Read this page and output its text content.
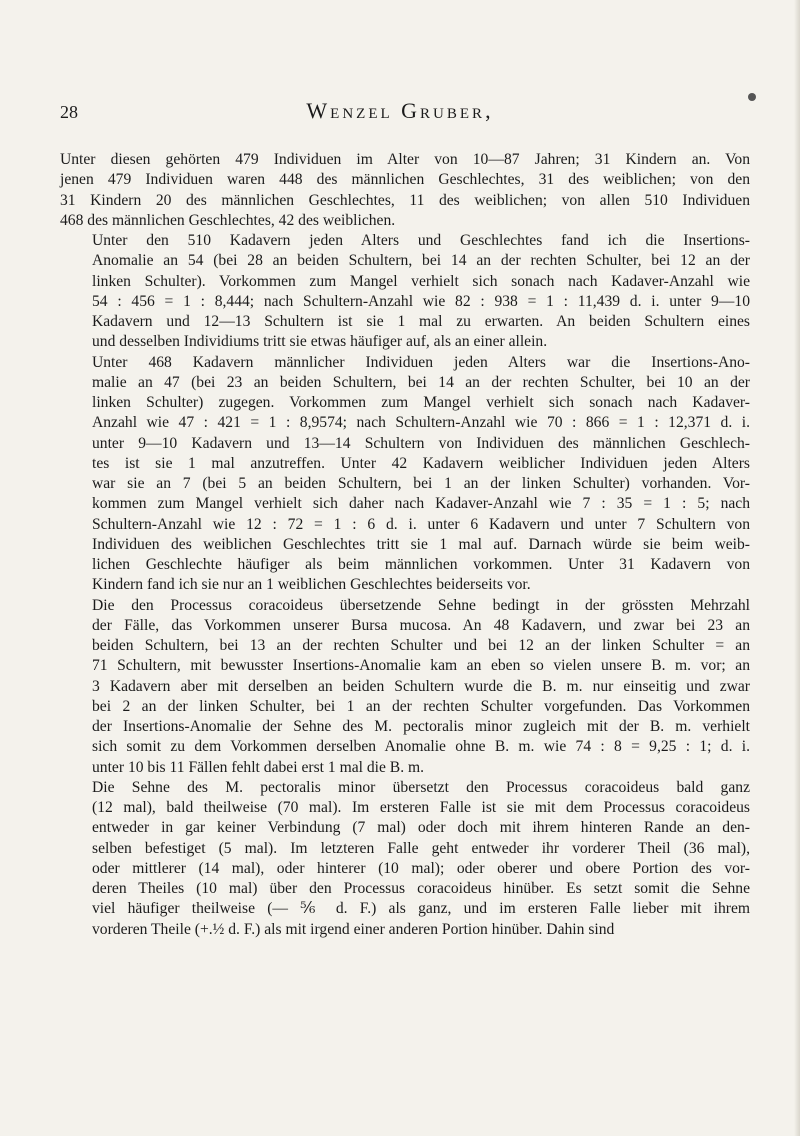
28	Wenzel Gruber,

Unter diesen gehörten 479 Individuen im Alter von 10—87 Jahren; 31 Kindern an. Von
jenen 479 Individuen waren 448 des männlichen Geschlechtes, 31 des weiblichen; von den
31 Kindern 20 des männlichen Geschlechtes, 11 des weiblichen; von allen 510 Individuen
468 des männlichen Geschlechtes, 42 des weiblichen.

Unter den 510 Kadavern jeden Alters und Geschlechtes fand ich die Insertions-
Anomalie an 54 (bei 28 an beiden Schultern, bei 14 an der rechten Schulter, bei 12 an der
linken Schulter). Vorkommen zum Mangel verhielt sich sonach nach Kadaver-Anzahl wie
54 : 456 = 1 : 8,444; nach Schultern-Anzahl wie 82 : 938 = 1 : 11,439 d. i. unter 9—10
Kadavern und 12—13 Schultern ist sie 1 mal zu erwarten. An beiden Schultern eines
und desselben Individiums tritt sie etwas häufiger auf, als an einer allein.

Unter 468 Kadavern männlicher Individuen jeden Alters war die Insertions-Ano-
malie an 47 (bei 23 an beiden Schultern, bei 14 an der rechten Schulter, bei 10 an der
linken Schulter) zugegen. Vorkommen zum Mangel verhielt sich sonach nach Kadaver-
Anzahl wie 47 : 421 = 1 : 8,9574; nach Schultern-Anzahl wie 70 : 866 = 1 : 12,371 d. i.
unter 9—10 Kadavern und 13—14 Schultern von Individuen des männlichen Geschlech-
tes ist sie 1 mal anzutreffen. Unter 42 Kadavern weiblicher Individuen jeden Alters
war sie an 7 (bei 5 an beiden Schultern, bei 1 an der linken Schulter) vorhanden. Vor-
kommen zum Mangel verhielt sich daher nach Kadaver-Anzahl wie 7 : 35 = 1 : 5; nach
Schultern-Anzahl wie 12 : 72 = 1 : 6 d. i. unter 6 Kadavern und unter 7 Schultern von
Individuen des weiblichen Geschlechtes tritt sie 1 mal auf. Darnach würde sie beim weib-
lichen Geschlechte häufiger als beim männlichen vorkommen. Unter 31 Kadavern von
Kindern fand ich sie nur an 1 weiblichen Geschlechtes beiderseits vor.

Die den Processus coracoideus übersetzende Sehne bedingt in der grössten Mehrzahl
der Fälle, das Vorkommen unserer Bursa mucosa. An 48 Kadavern, und zwar bei 23 an
beiden Schultern, bei 13 an der rechten Schulter und bei 12 an der linken Schulter = an
71 Schultern, mit bewusster Insertions-Anomalie kam an eben so vielen unsere B. m. vor; an
3 Kadavern aber mit derselben an beiden Schultern wurde die B. m. nur einseitig und zwar
bei 2 an der linken Schulter, bei 1 an der rechten Schulter vorgefunden. Das Vorkommen
der Insertions-Anomalie der Sehne des M. pectoralis minor zugleich mit der B. m. verhielt
sich somit zu dem Vorkommen derselben Anomalie ohne B. m. wie 74 : 8 = 9,25 : 1; d. i.
unter 10 bis 11 Fällen fehlt dabei erst 1 mal die B. m.

Die Sehne des M. pectoralis minor übersetzt den Processus coracoideus bald ganz
(12 mal), bald theilweise (70 mal). Im ersteren Falle ist sie mit dem Processus coracoideus
entweder in gar keiner Verbindung (7 mal) oder doch mit ihrem hinteren Rande an den-
selben befestiget (5 mal). Im letzteren Falle geht entweder ihr vorderer Theil (36 mal),
oder mittlerer (14 mal), oder hinterer (10 mal); oder oberer und obere Portion des vor-
deren Theiles (10 mal) über den Processus coracoideus hinüber. Es setzt somit die Sehne
viel häufiger theilweise (— ⅚ d. F.) als ganz, und im ersteren Falle lieber mit ihrem
vorderen Theile (+.½ d. F.) als mit irgend einer anderen Portion hinüber. Dahin sind
